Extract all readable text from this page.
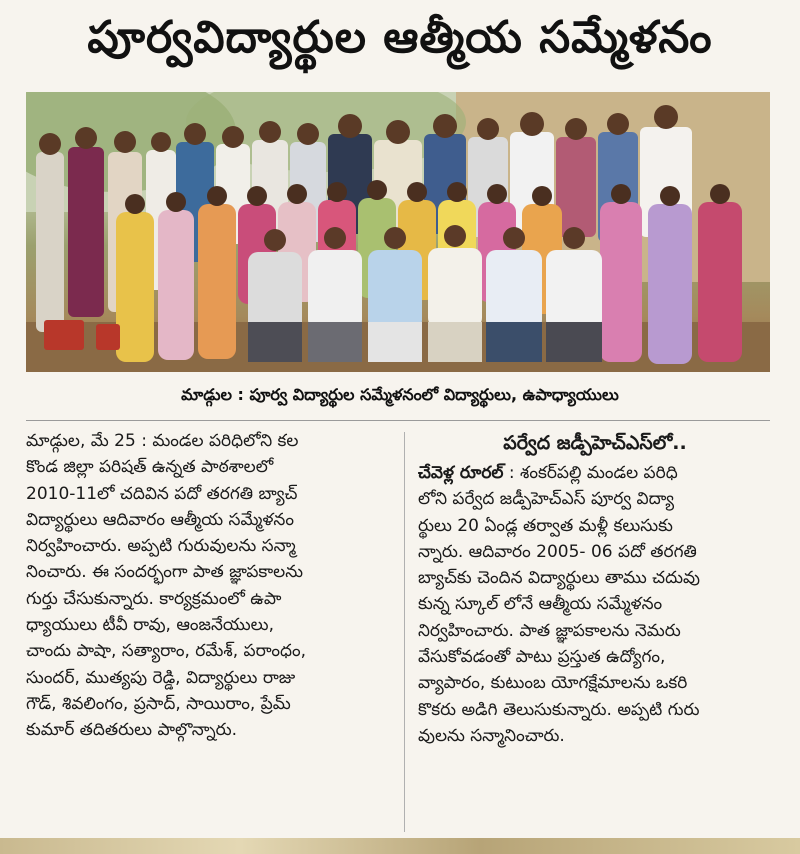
పూర్వవిద్యార్థుల ఆత్మీయ సమ్మేళనం
మాడ్గుల : పూర్వ విద్యార్థుల సమ్మేళనంలో విద్యార్థులు, ఉపాధ్యాయులు
మాడ్గుల, మే 25 : మండల పరిధిలోని కల
కొండ జిల్లా పరిషత్ ఉన్నత పాఠశాలలో
2010-11లో చదివిన పదో తరగతి బ్యాచ్
విద్యార్థులు ఆదివారం ఆత్మీయ సమ్మేళనం
నిర్వహించారు. అప్పటి గురువులను సన్మా
నించారు. ఈ సందర్భంగా పాత జ్ఞాపకాలను
గుర్తు చేసుకున్నారు. కార్యక్రమంలో ఉపా
ధ్యాయులు టీవీ రావు, ఆంజనేయులు,
చాందు పాషా, సత్యారాం, రమేశ్, పరాంధం,
సుందర్, ముత్యపు రెడ్డి, విద్యార్థులు రాజు
గౌడ్, శివలింగం, ప్రసాద్, సాయిరాం, ప్రేమ్
కుమార్ తదితరులు పాల్గొన్నారు.
పర్వేద జడ్పీహెచ్ఎస్‌లో..
చేవెళ్ల రూరల్ : శంకర్‌పల్లి మండల పరిధి
లోని పర్వేద జడ్పీహెచ్ఎస్ పూర్వ విద్యా
ర్థులు 20 ఏండ్ల తర్వాత మళ్లీ కలుసుకు
న్నారు. ఆదివారం 2005- 06 పదో తరగతి
బ్యాచ్‌కు చెందిన విద్యార్థులు తాము చదువు
కున్న స్కూల్ లోనే ఆత్మీయ సమ్మేళనం
నిర్వహించారు. పాత జ్ఞాపకాలను నెమరు
వేసుకోవడంతో పాటు ప్రస్తుత ఉద్యోగం,
వ్యాపారం, కుటుంబ యోగక్షేమాలను ఒకరి
కొకరు అడిగి తెలుసుకున్నారు. అప్పటి గురు
వులను సన్మానించారు.
